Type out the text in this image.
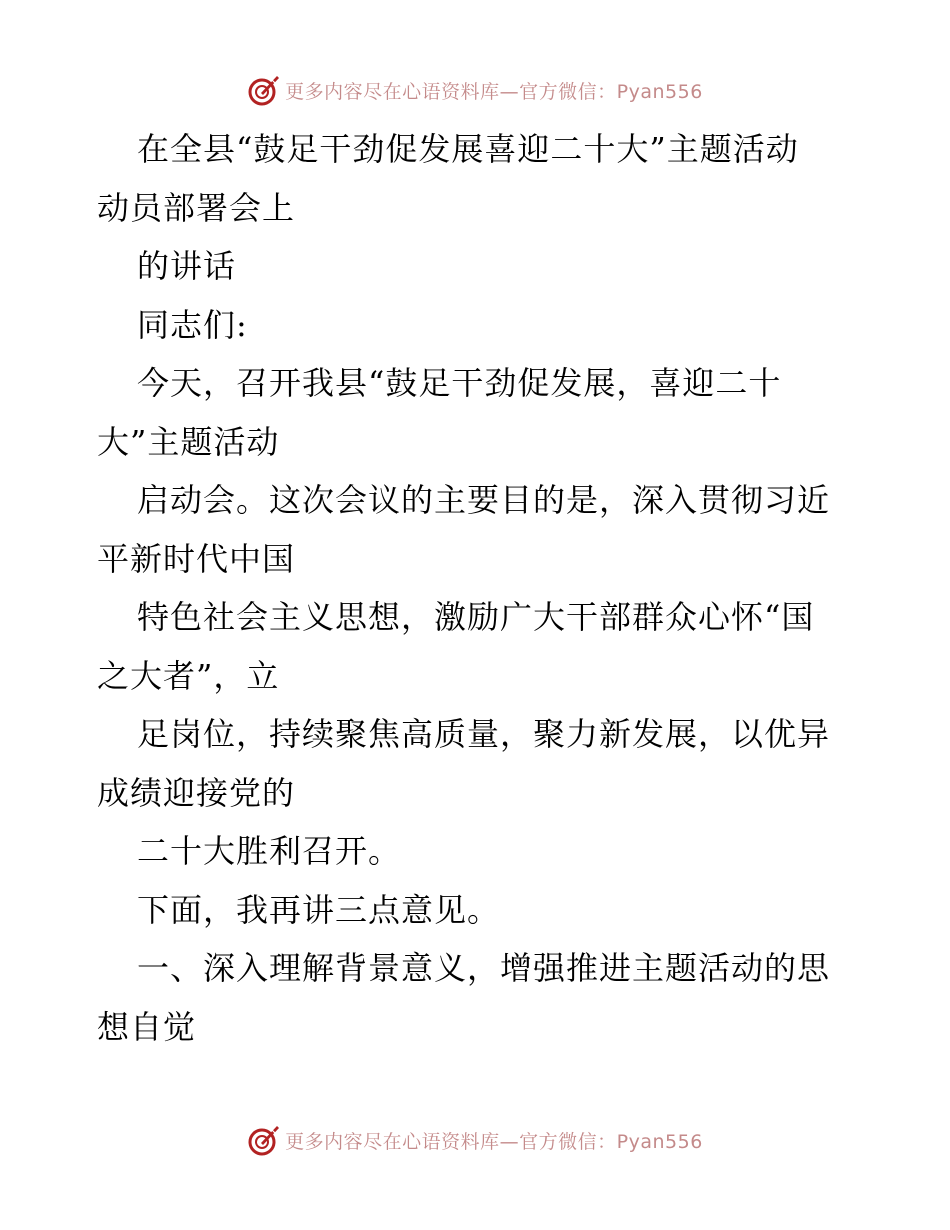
更多内容尽在心语资料库—官方微信：Pyan556
在全县“鼓足干劲促发展喜迎二十大”主题活动
动员部署会上
的讲话
同志们:
今天，召开我县“鼓足干劲促发展，喜迎二十
大”主题活动
启动会。这次会议的主要目的是，深入贯彻习近
平新时代中国
特色社会主义思想，激励广大干部群众心怀“国
之大者”，立
足岗位，持续聚焦高质量，聚力新发展，以优异
成绩迎接党的
二十大胜利召开。
下面，我再讲三点意见。
一、深入理解背景意义，增强推进主题活动的思
想自觉
更多内容尽在心语资料库—官方微信：Pyan556
